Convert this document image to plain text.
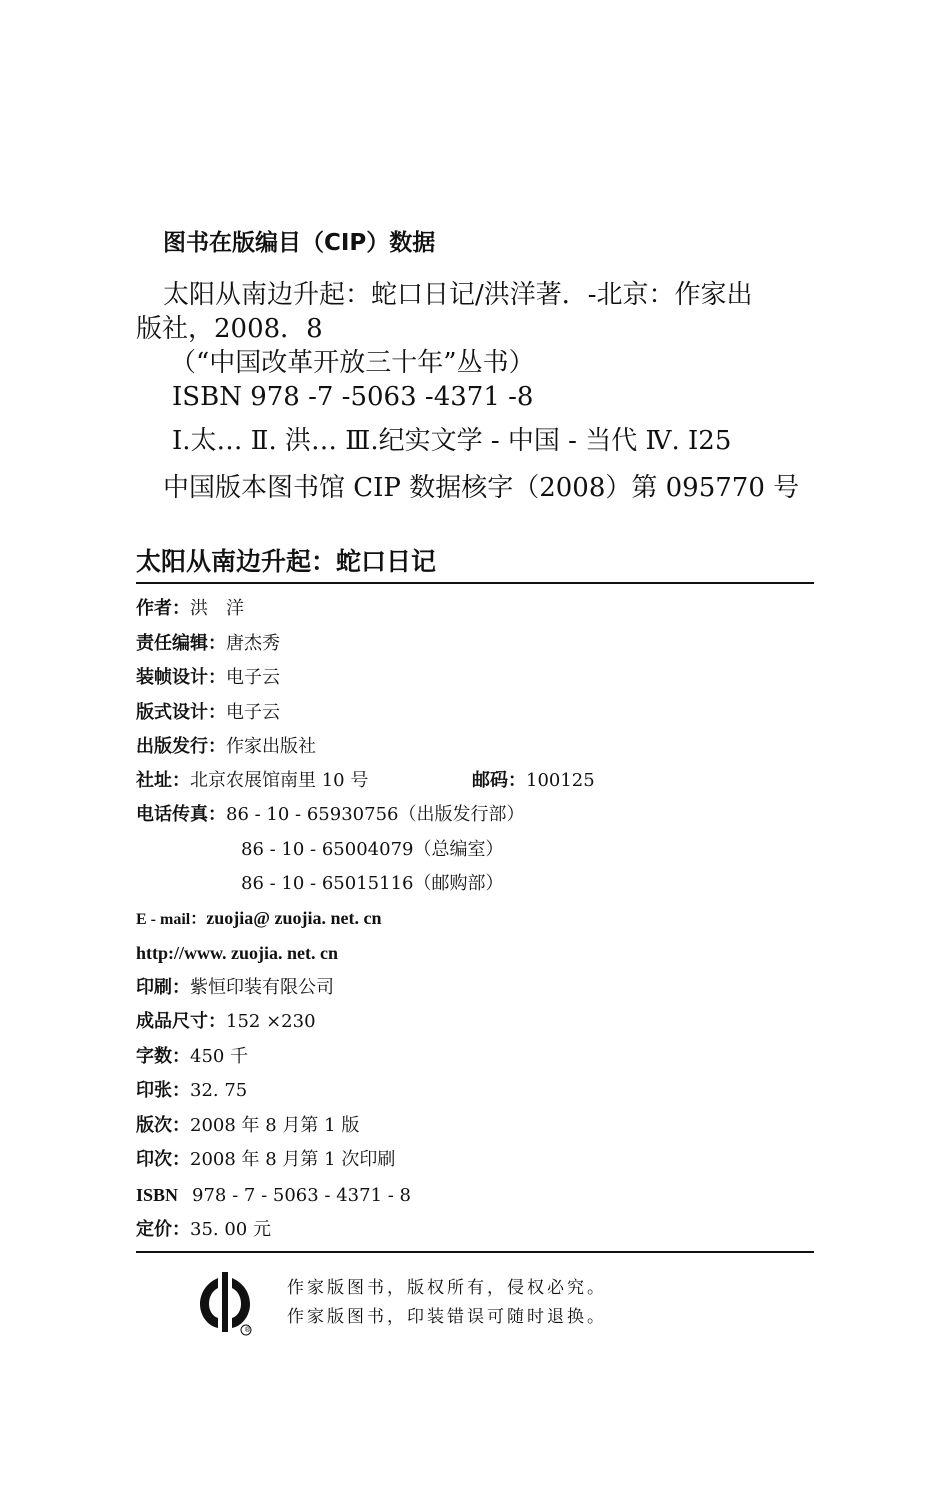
图书在版编目（CIP）数据
太阳从南边升起：蛇口日记/洪洋著．-北京：作家出
版社，2008．8
（“中国改革开放三十年”丛书）
ISBN 978 -7 -5063 -4371 -8
Ⅰ.太… Ⅱ. 洪… Ⅲ.纪实文学 - 中国 - 当代 Ⅳ. I25
中国版本图书馆 CIP 数据核字（2008）第 095770 号
太阳从南边升起：蛇口日记
作者：洪　洋
责任编辑：唐杰秀
装帧设计：电子云
版式设计：电子云
出版发行：作家出版社
社址：北京农展馆南里 10 号	邮码：100125
电话传真：86 - 10 - 65930756（出版发行部）
86 - 10 - 65004079（总编室）
86 - 10 - 65015116（邮购部）
E - mail：zuojia@ zuojia. net. cn
http://www. zuojia. net. cn
印刷：紫恒印装有限公司
成品尺寸：152 ×230
字数：450 千
印张：32. 75
版次：2008 年 8 月第 1 版
印次：2008 年 8 月第 1 次印刷
ISBN 978 - 7 - 5063 - 4371 - 8
定价：35. 00 元
®
作家版图书，版权所有，侵权必究。
作家版图书，印装错误可随时退换。
